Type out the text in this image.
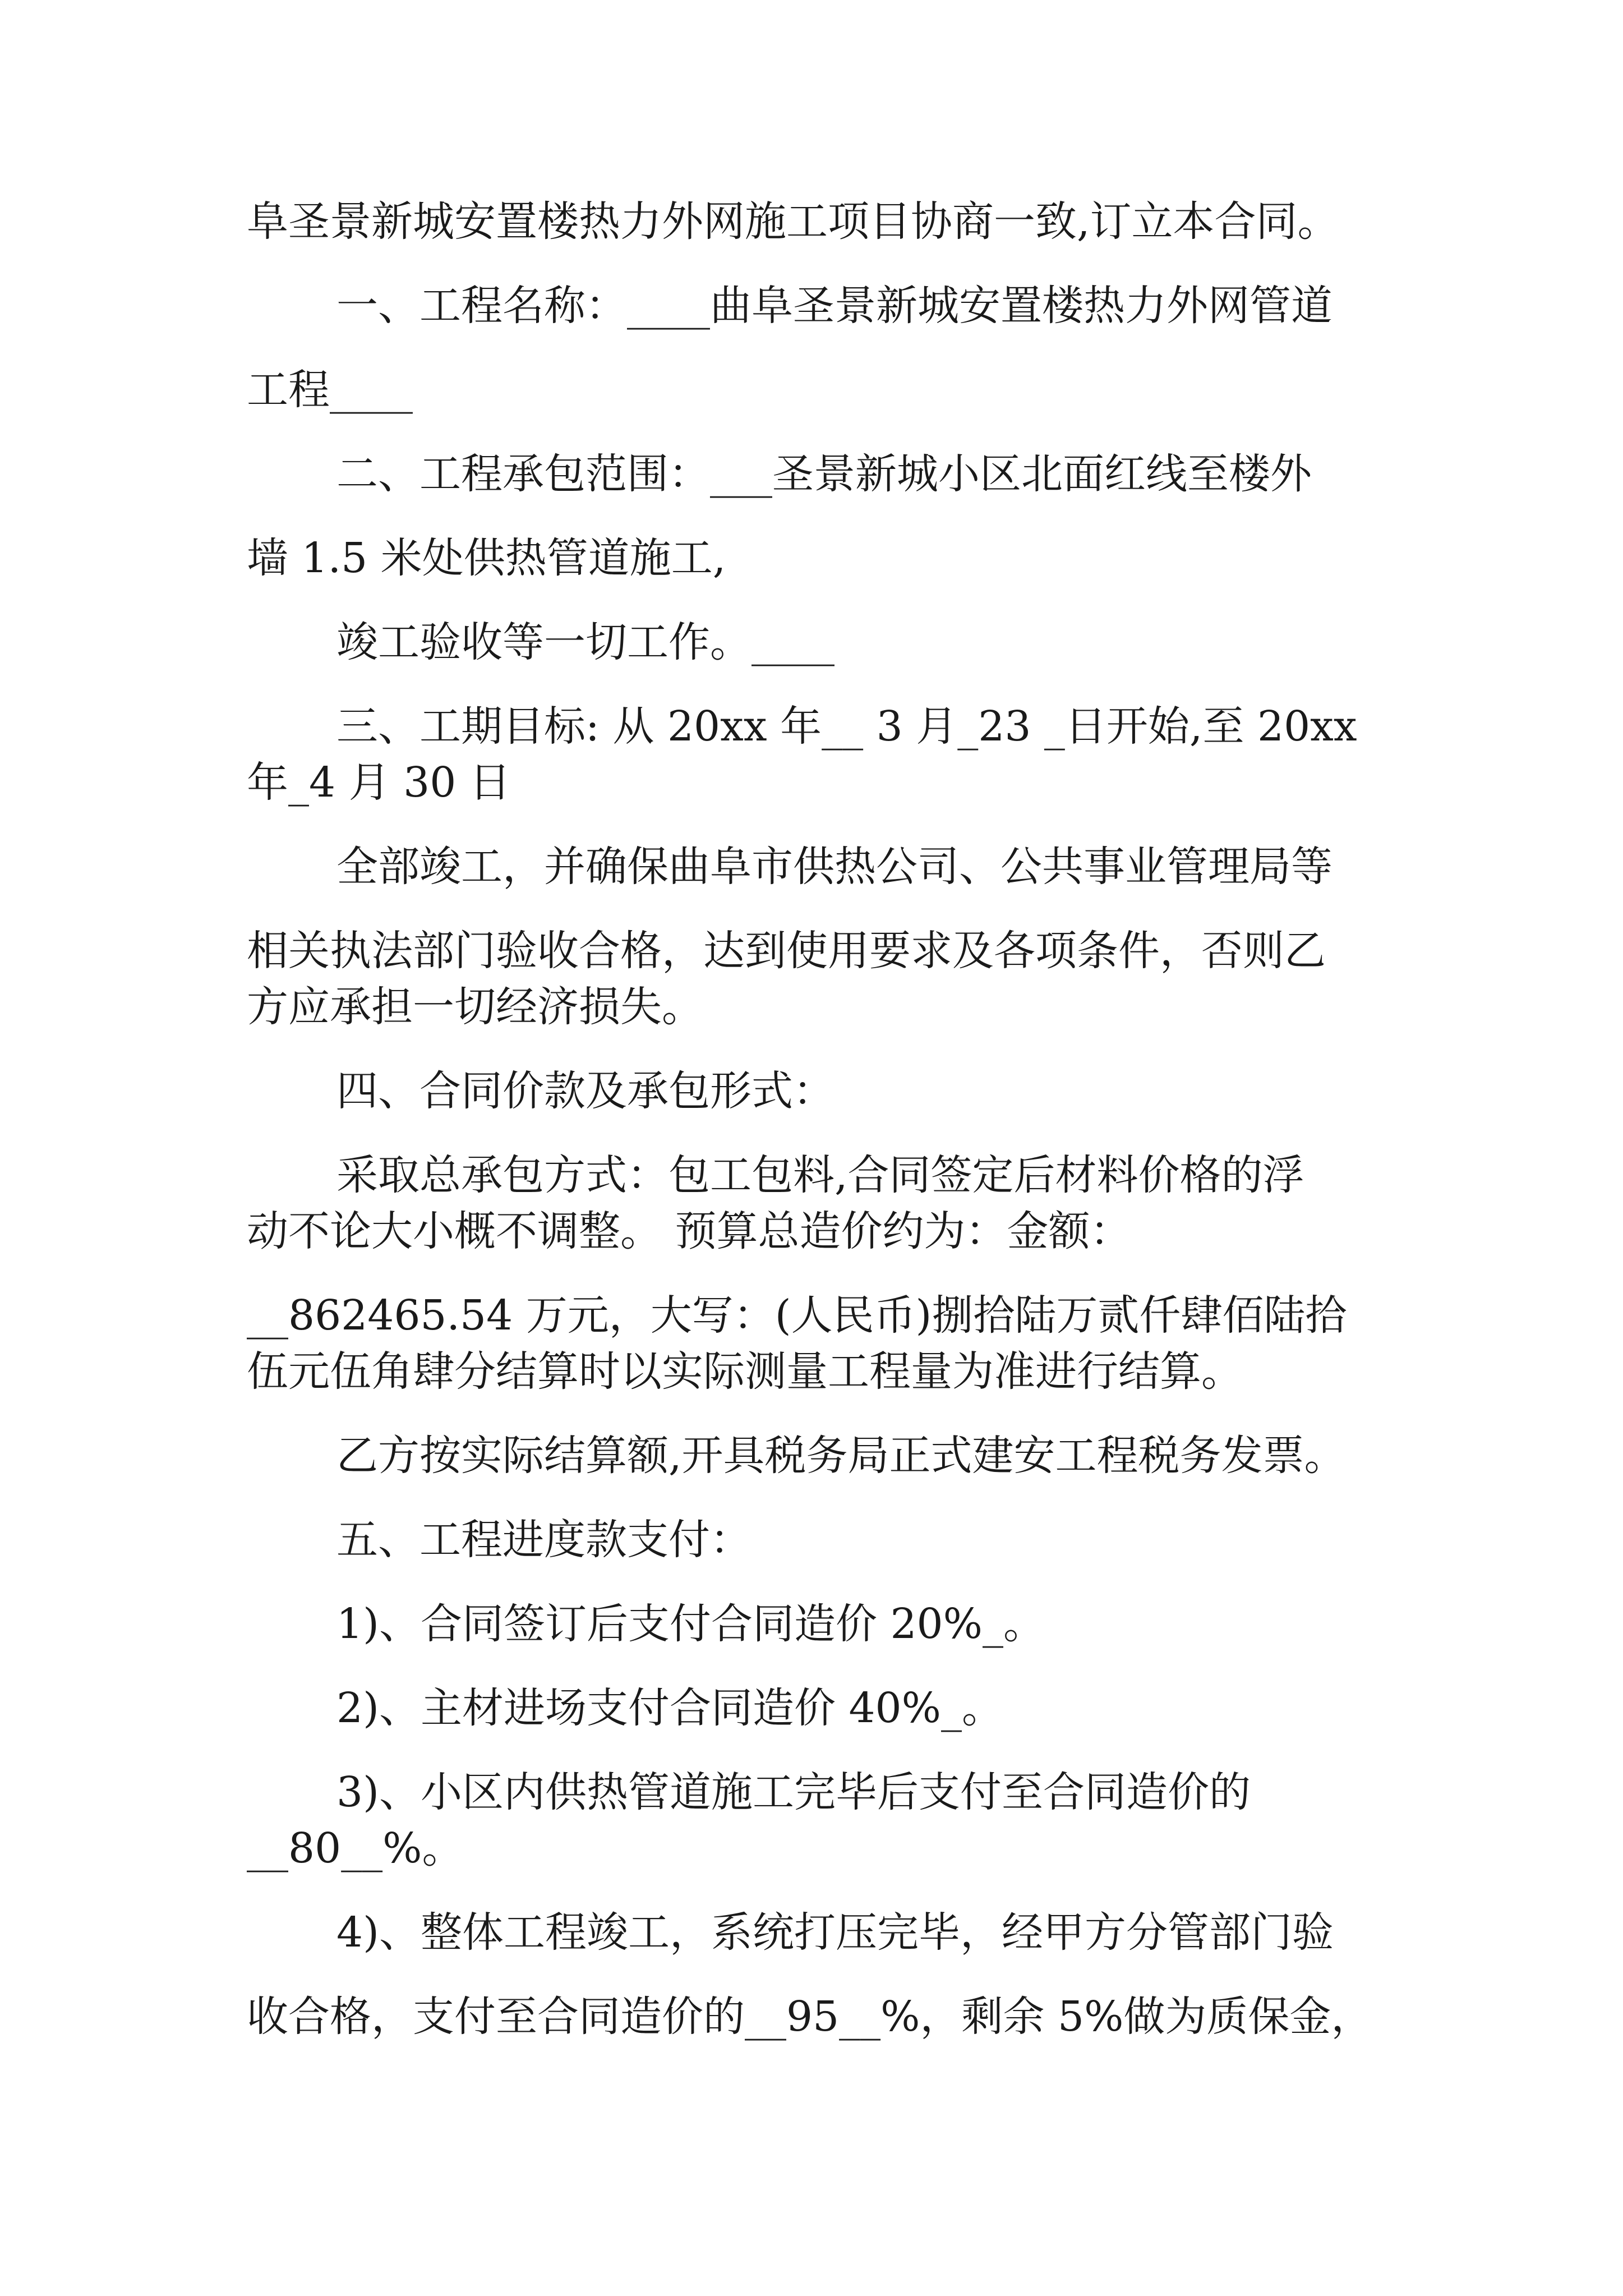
阜圣景新城安置楼热力外网施工项目协商一致,订立本合同。
一、工程名称：____曲阜圣景新城安置楼热力外网管道
工程____
二、工程承包范围：___圣景新城小区北面红线至楼外
墙 1.5 米处供热管道施工,
竣工验收等一切工作。____
三、工期目标: 从 20xx 年__ 3 月_23 _日开始,至 20xx
年_4 月 30 日
全部竣工，并确保曲阜市供热公司、公共事业管理局等
相关执法部门验收合格，达到使用要求及各项条件，否则乙
方应承担一切经济损失。
四、合同价款及承包形式：
采取总承包方式：包工包料,合同签定后材料价格的浮
动不论大小概不调整。 预算总造价约为：金额：
__862465.54 万元，大写：(人民币)捌拾陆万贰仟肆佰陆拾
伍元伍角肆分结算时以实际测量工程量为准进行结算。
乙方按实际结算额,开具税务局正式建安工程税务发票。
五、工程进度款支付：
1)、合同签订后支付合同造价 20%_。
2)、主材进场支付合同造价 40%_。
3)、小区内供热管道施工完毕后支付至合同造价的
__80__%。
4)、整体工程竣工，系统打压完毕，经甲方分管部门验
收合格，支付至合同造价的__95__%，剩余 5%做为质保金，
